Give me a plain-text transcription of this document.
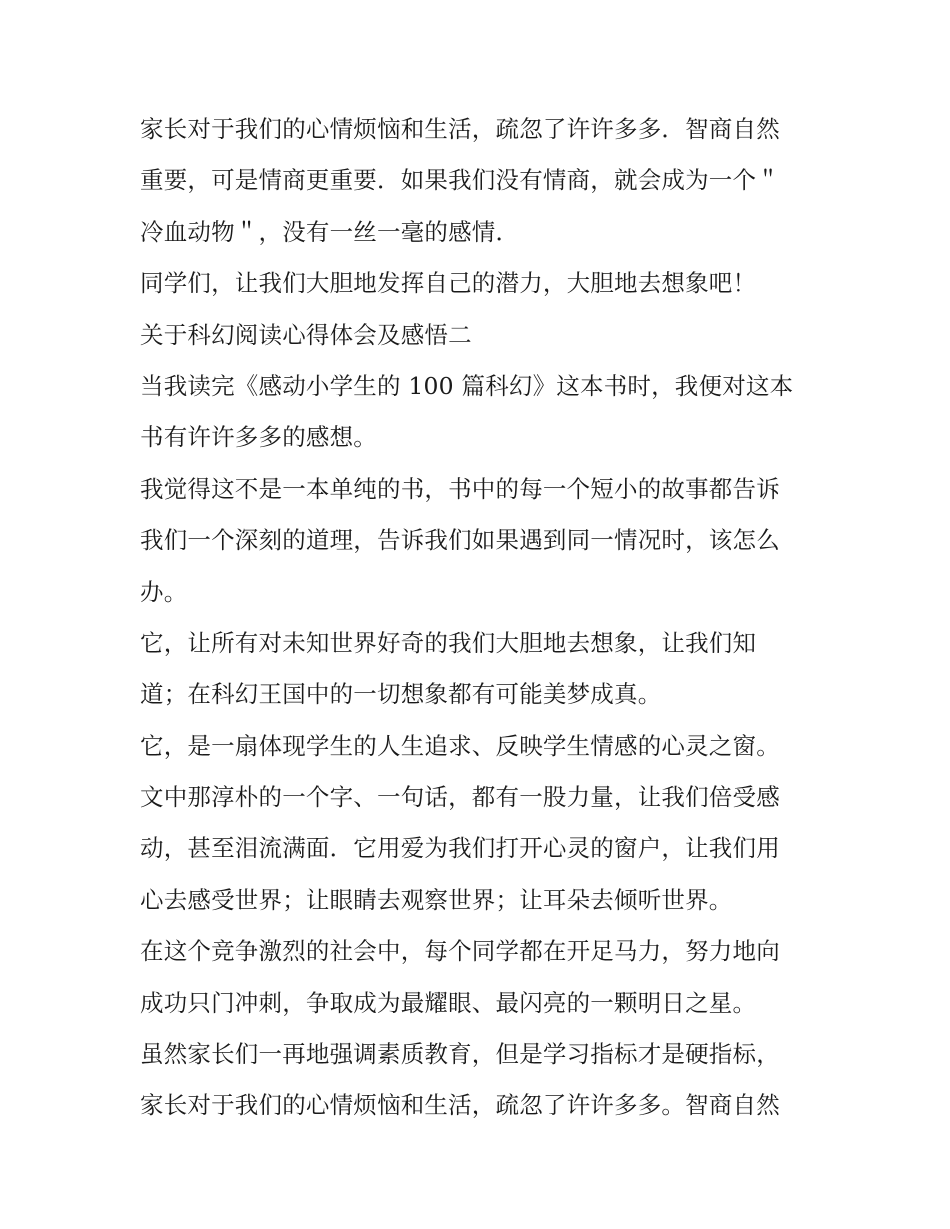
家长对于我们的心情烦恼和生活，疏忽了许许多多．智商自然
重要，可是情商更重要．如果我们没有情商，就会成为一个＂
冷血动物＂，没有一丝一毫的感情．
同学们，让我们大胆地发挥自己的潜力，大胆地去想象吧！
关于科幻阅读心得体会及感悟二
当我读完《感动小学生的 100 篇科幻》这本书时，我便对这本
书有许许多多的感想。
我觉得这不是一本单纯的书，书中的每一个短小的故事都告诉
我们一个深刻的道理，告诉我们如果遇到同一情况时，该怎么
办。
它，让所有对未知世界好奇的我们大胆地去想象，让我们知
道；在科幻王国中的一切想象都有可能美梦成真。
它，是一扇体现学生的人生追求、反映学生情感的心灵之窗。
文中那淳朴的一个字、一句话，都有一股力量，让我们倍受感
动，甚至泪流满面．它用爱为我们打开心灵的窗户，让我们用
心去感受世界；让眼睛去观察世界；让耳朵去倾听世界。
在这个竞争激烈的社会中，每个同学都在开足马力，努力地向
成功只门冲刺，争取成为最耀眼、最闪亮的一颗明日之星。
虽然家长们一再地强调素质教育，但是学习指标才是硬指标，
家长对于我们的心情烦恼和生活，疏忽了许许多多。智商自然
